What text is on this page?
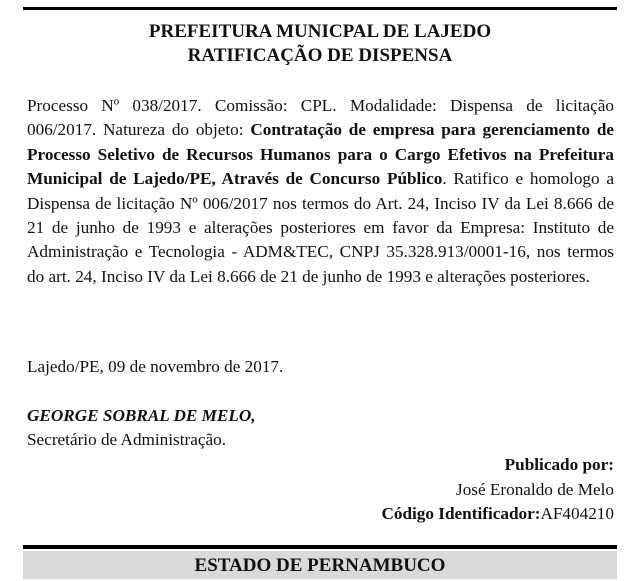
PREFEITURA MUNICPAL DE LAJEDO
RATIFICAÇÃO DE DISPENSA
Processo Nº 038/2017. Comissão: CPL. Modalidade: Dispensa de licitação 006/2017. Natureza do objeto: Contratação de empresa para gerenciamento de Processo Seletivo de Recursos Humanos para o Cargo Efetivos na Prefeitura Municipal de Lajedo/PE, Através de Concurso Público. Ratifico e homologo a Dispensa de licitação Nº 006/2017 nos termos do Art. 24, Inciso IV da Lei 8.666 de 21 de junho de 1993 e alterações posteriores em favor da Empresa: Instituto de Administração e Tecnologia - ADM&TEC, CNPJ 35.328.913/0001-16, nos termos do art. 24, Inciso IV da Lei 8.666 de 21 de junho de 1993 e alterações posteriores.
Lajedo/PE, 09 de novembro de 2017.
GEORGE SOBRAL DE MELO,
Secretário de Administração.
Publicado por:
José Eronaldo de Melo
Código Identificador:AF404210
ESTADO DE PERNAMBUCO
